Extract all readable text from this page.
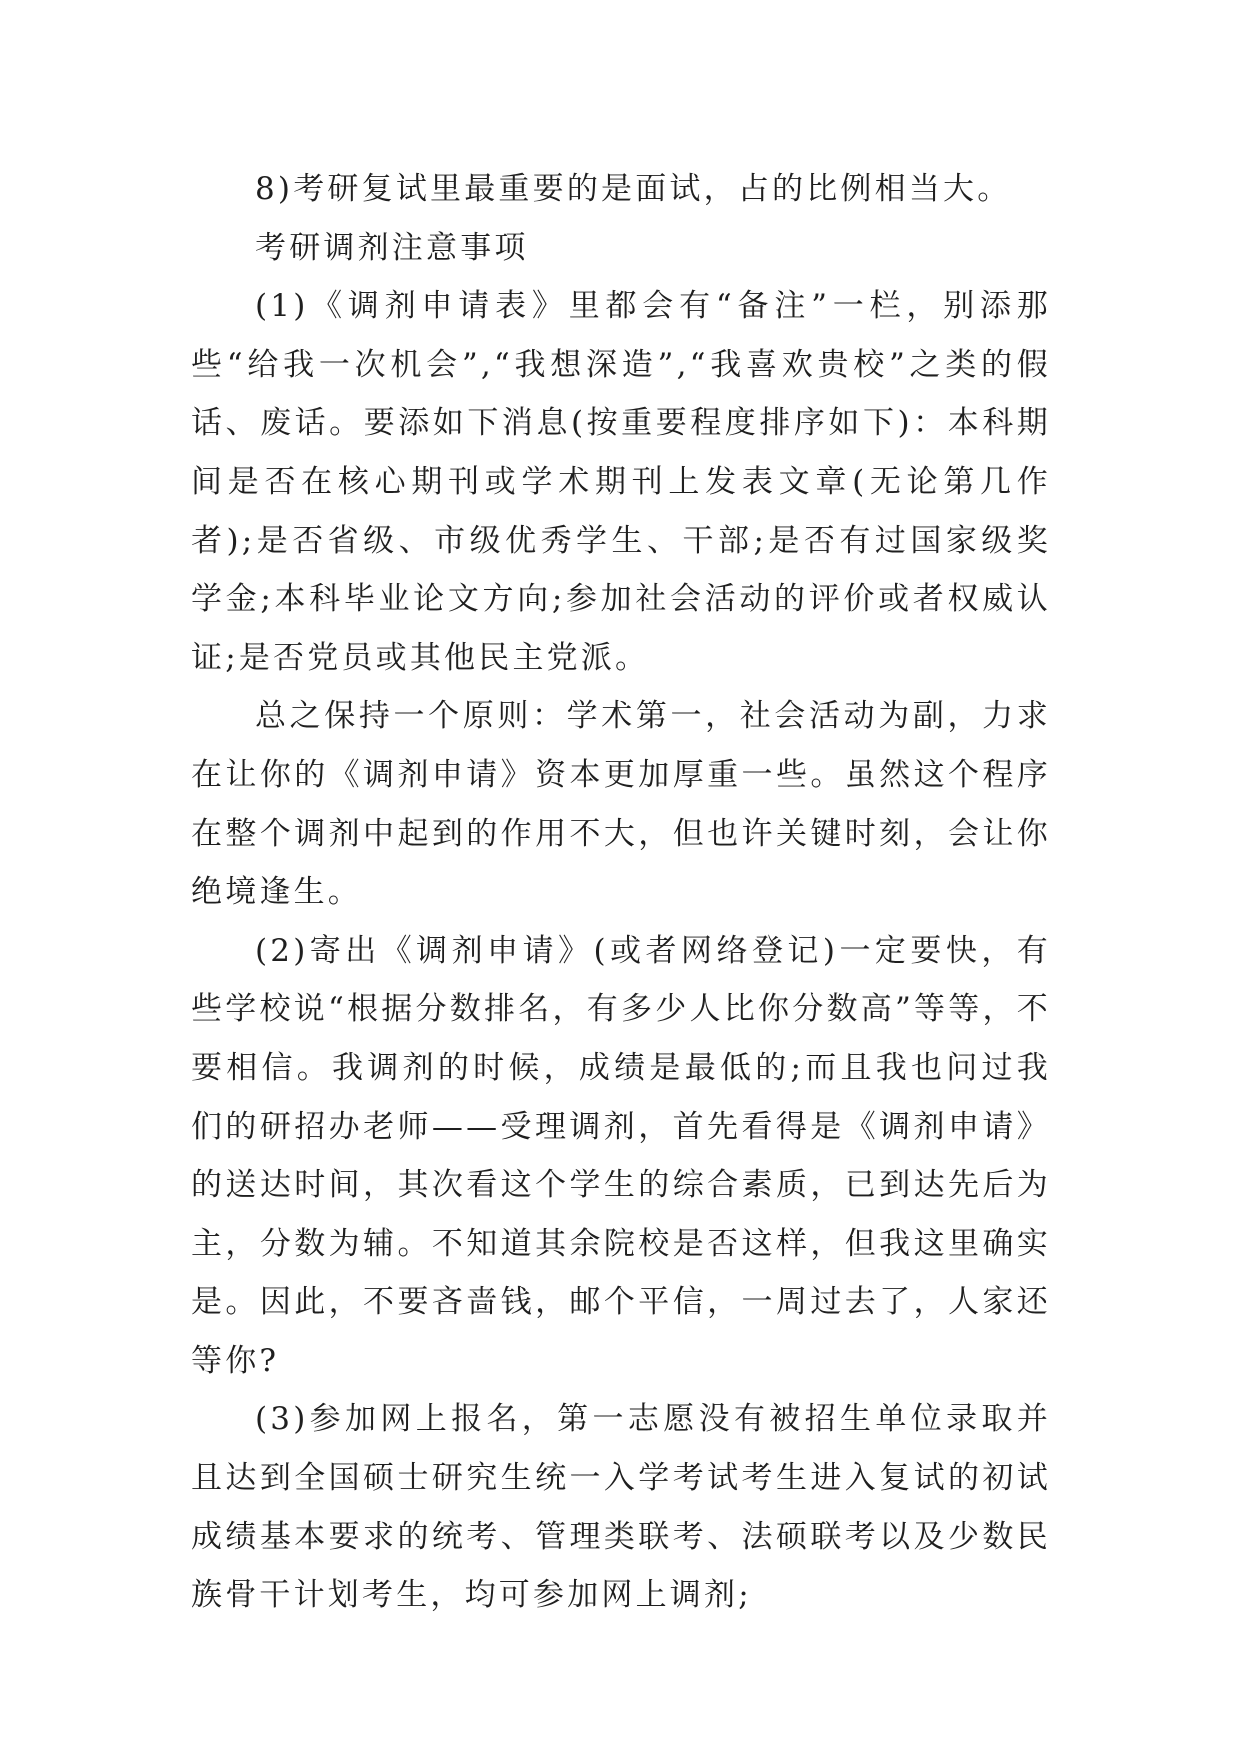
8)考研复试里最重要的是面试，占的比例相当大。

考研调剂注意事项

(1)《调剂申请表》里都会有“备注”一栏，别添那些“给我一次机会”,“我想深造”,“我喜欢贵校”之类的假话、废话。要添如下消息(按重要程度排序如下)：本科期间是否在核心期刊或学术期刊上发表文章(无论第几作者);是否省级、市级优秀学生、干部;是否有过国家级奖学金;本科毕业论文方向;参加社会活动的评价或者权威认证;是否党员或其他民主党派。

总之保持一个原则：学术第一，社会活动为副，力求在让你的《调剂申请》资本更加厚重一些。虽然这个程序在整个调剂中起到的作用不大，但也许关键时刻，会让你绝境逢生。

(2)寄出《调剂申请》(或者网络登记)一定要快，有些学校说“根据分数排名，有多少人比你分数高”等等，不要相信。我调剂的时候，成绩是最低的;而且我也问过我们的研招办老师——受理调剂，首先看得是《调剂申请》的送达时间，其次看这个学生的综合素质，已到达先后为主，分数为辅。不知道其余院校是否这样，但我这里确实是。因此，不要吝啬钱，邮个平信，一周过去了，人家还等你?

(3)参加网上报名，第一志愿没有被招生单位录取并且达到全国硕士研究生统一入学考试考生进入复试的初试成绩基本要求的统考、管理类联考、法硕联考以及少数民族骨干计划考生，均可参加网上调剂;
